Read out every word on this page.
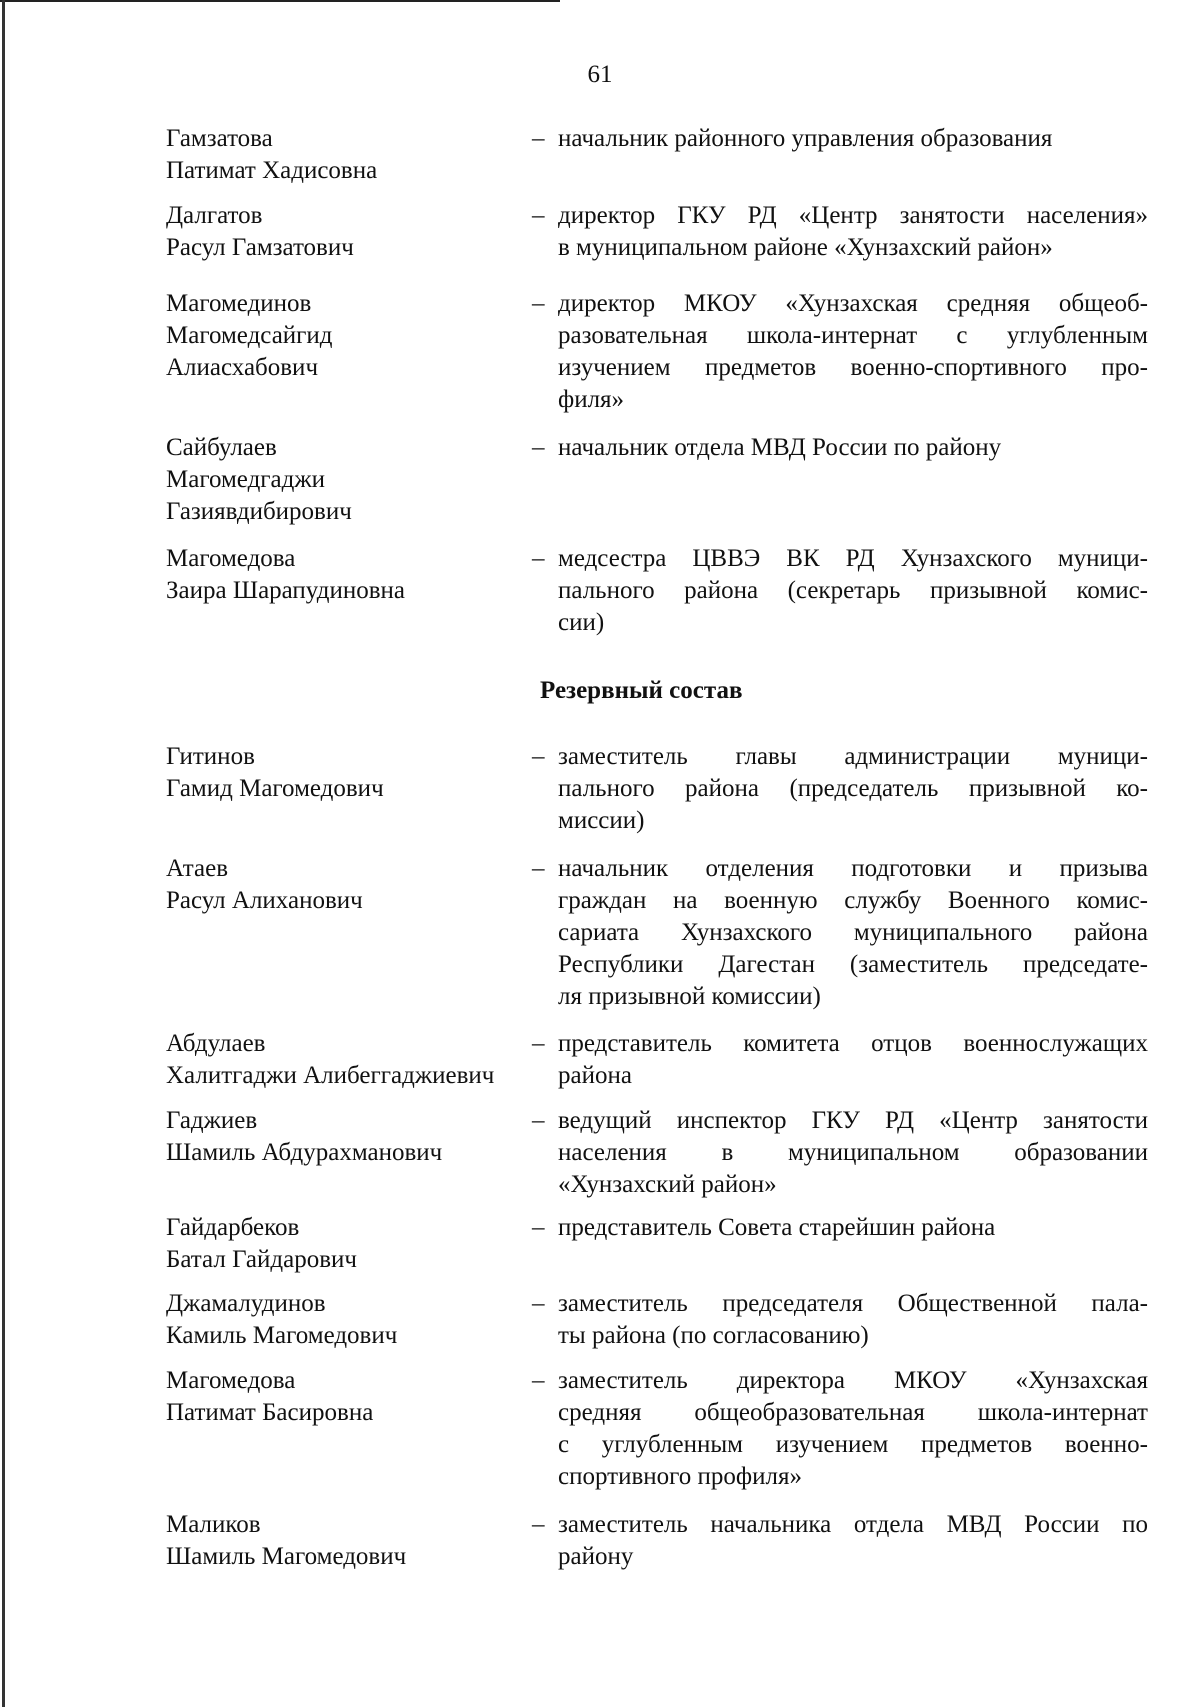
61
Гамзатова
Патимат Хадисовна
– начальник районного управления образования
Далгатов
Расул Гамзатович
– директор ГКУ РД «Центр занятости населения»
в муниципальном районе «Хунзахский район»
Магомединов
Магомедсайгид
Алиасхабович
– директор МКОУ «Хунзахская средняя общеоб-
разовательная школа-интернат с углубленным
изучением предметов военно-спортивного про-
филя»
Сайбулаев
Магомедгаджи
Газиявдибирович
– начальник отдела МВД России по району
Магомедова
Заира Шарапудиновна
– медсестра ЦВВЭ ВК РД Хунзахского муници-
пального района (секретарь призывной комис-
сии)
Резервный состав
Гитинов
Гамид Магомедович
– заместитель главы администрации муници-
пального района (председатель призывной ко-
миссии)
Атаев
Расул Алиханович
– начальник отделения подготовки и призыва
граждан на военную службу Военного комис-
сариата Хунзахского муниципального района
Республики Дагестан (заместитель председате-
ля призывной комиссии)
Абдулаев
Халитгаджи Алибеггаджиевич
– представитель комитета отцов военнослужащих
района
Гаджиев
Шамиль Абдурахманович
– ведущий инспектор ГКУ РД «Центр занятости
населения в муниципальном образовании
«Хунзахский район»
Гайдарбеков
Батал Гайдарович
– представитель Совета старейшин района
Джамалудинов
Камиль Магомедович
– заместитель председателя Общественной пала-
ты района (по согласованию)
Магомедова
Патимат Басировна
– заместитель директора МКОУ «Хунзахская
средняя общеобразовательная школа-интернат
с углубленным изучением предметов военно-
спортивного профиля»
Маликов
Шамиль Магомедович
– заместитель начальника отдела МВД России по
району
